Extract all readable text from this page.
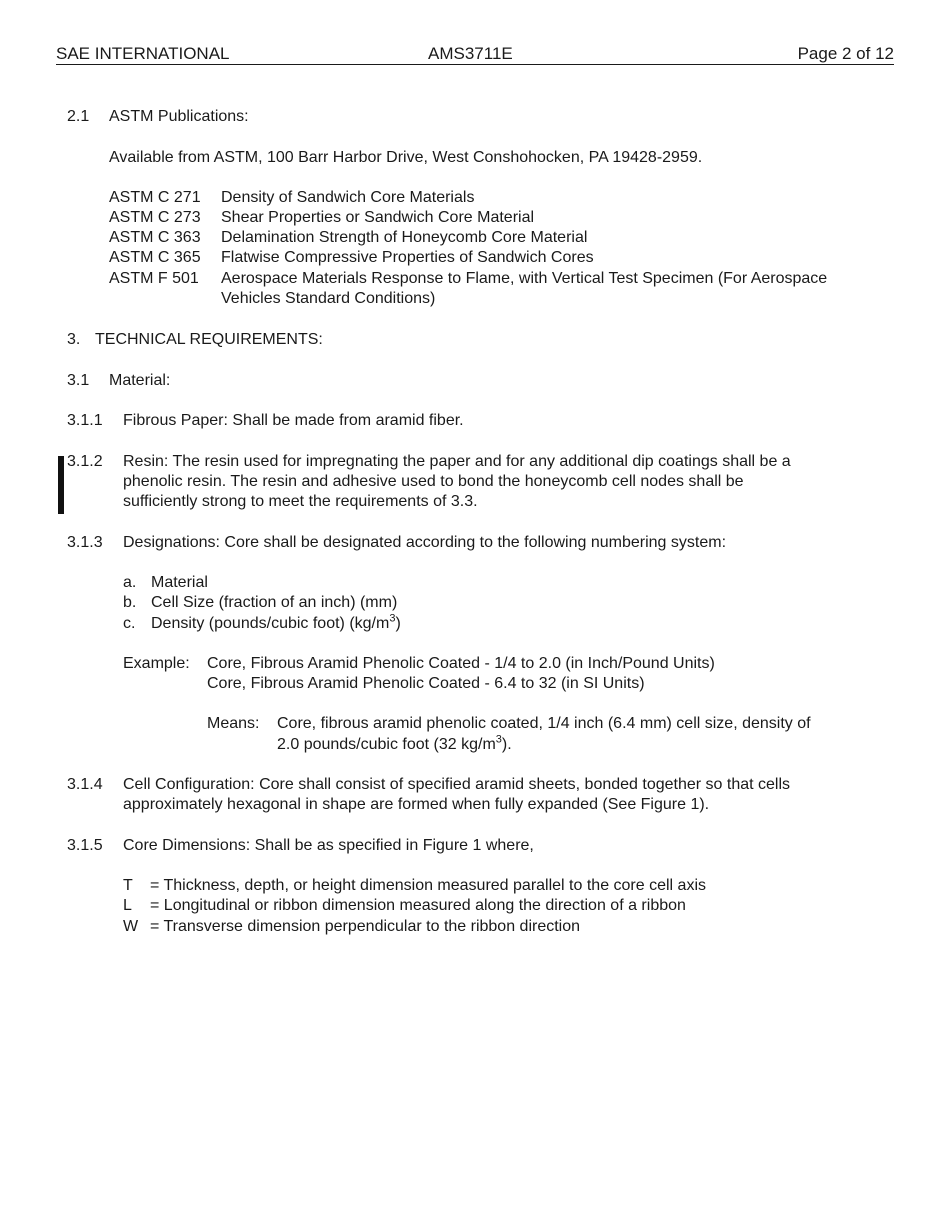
SAE INTERNATIONAL	AMS3711E	Page 2 of 12
2.1 ASTM Publications:
Available from ASTM, 100 Barr Harbor Drive, West Conshohocken, PA 19428-2959.
ASTM C 271 Density of Sandwich Core Materials
ASTM C 273 Shear Properties or Sandwich Core Material
ASTM C 363 Delamination Strength of Honeycomb Core Material
ASTM C 365 Flatwise Compressive Properties of Sandwich Cores
ASTM F 501 Aerospace Materials Response to Flame, with Vertical Test Specimen (For Aerospace
Vehicles Standard Conditions)
3. TECHNICAL REQUIREMENTS:
3.1 Material:
3.1.1 Fibrous Paper: Shall be made from aramid fiber.
3.1.2 Resin: The resin used for impregnating the paper and for any additional dip coatings shall be a
phenolic resin. The resin and adhesive used to bond the honeycomb cell nodes shall be
sufficiently strong to meet the requirements of 3.3.
3.1.3 Designations: Core shall be designated according to the following numbering system:
a. Material
b. Cell Size (fraction of an inch) (mm)
c. Density (pounds/cubic foot) $(kg/m^3)$
Example: Core, Fibrous Aramid Phenolic Coated - 1/4 to 2.0 (in Inch/Pound Units)
Core, Fibrous Aramid Phenolic Coated - 6.4 to 32 (in SI Units)
Means: Core, fibrous aramid phenolic coated, 1/4 inch (6.4 mm) cell size, density of
2.0 pounds/cubic foot (32 $kg/m^3$).
3.1.4 Cell Configuration: Core shall consist of specified aramid sheets, bonded together so that cells
approximately hexagonal in shape are formed when fully expanded (See Figure 1).
3.1.5 Core Dimensions: Shall be as specified in Figure 1 where,
T = Thickness, depth, or height dimension measured parallel to the core cell axis
L = Longitudinal or ribbon dimension measured along the direction of a ribbon
W = Transverse dimension perpendicular to the ribbon direction
